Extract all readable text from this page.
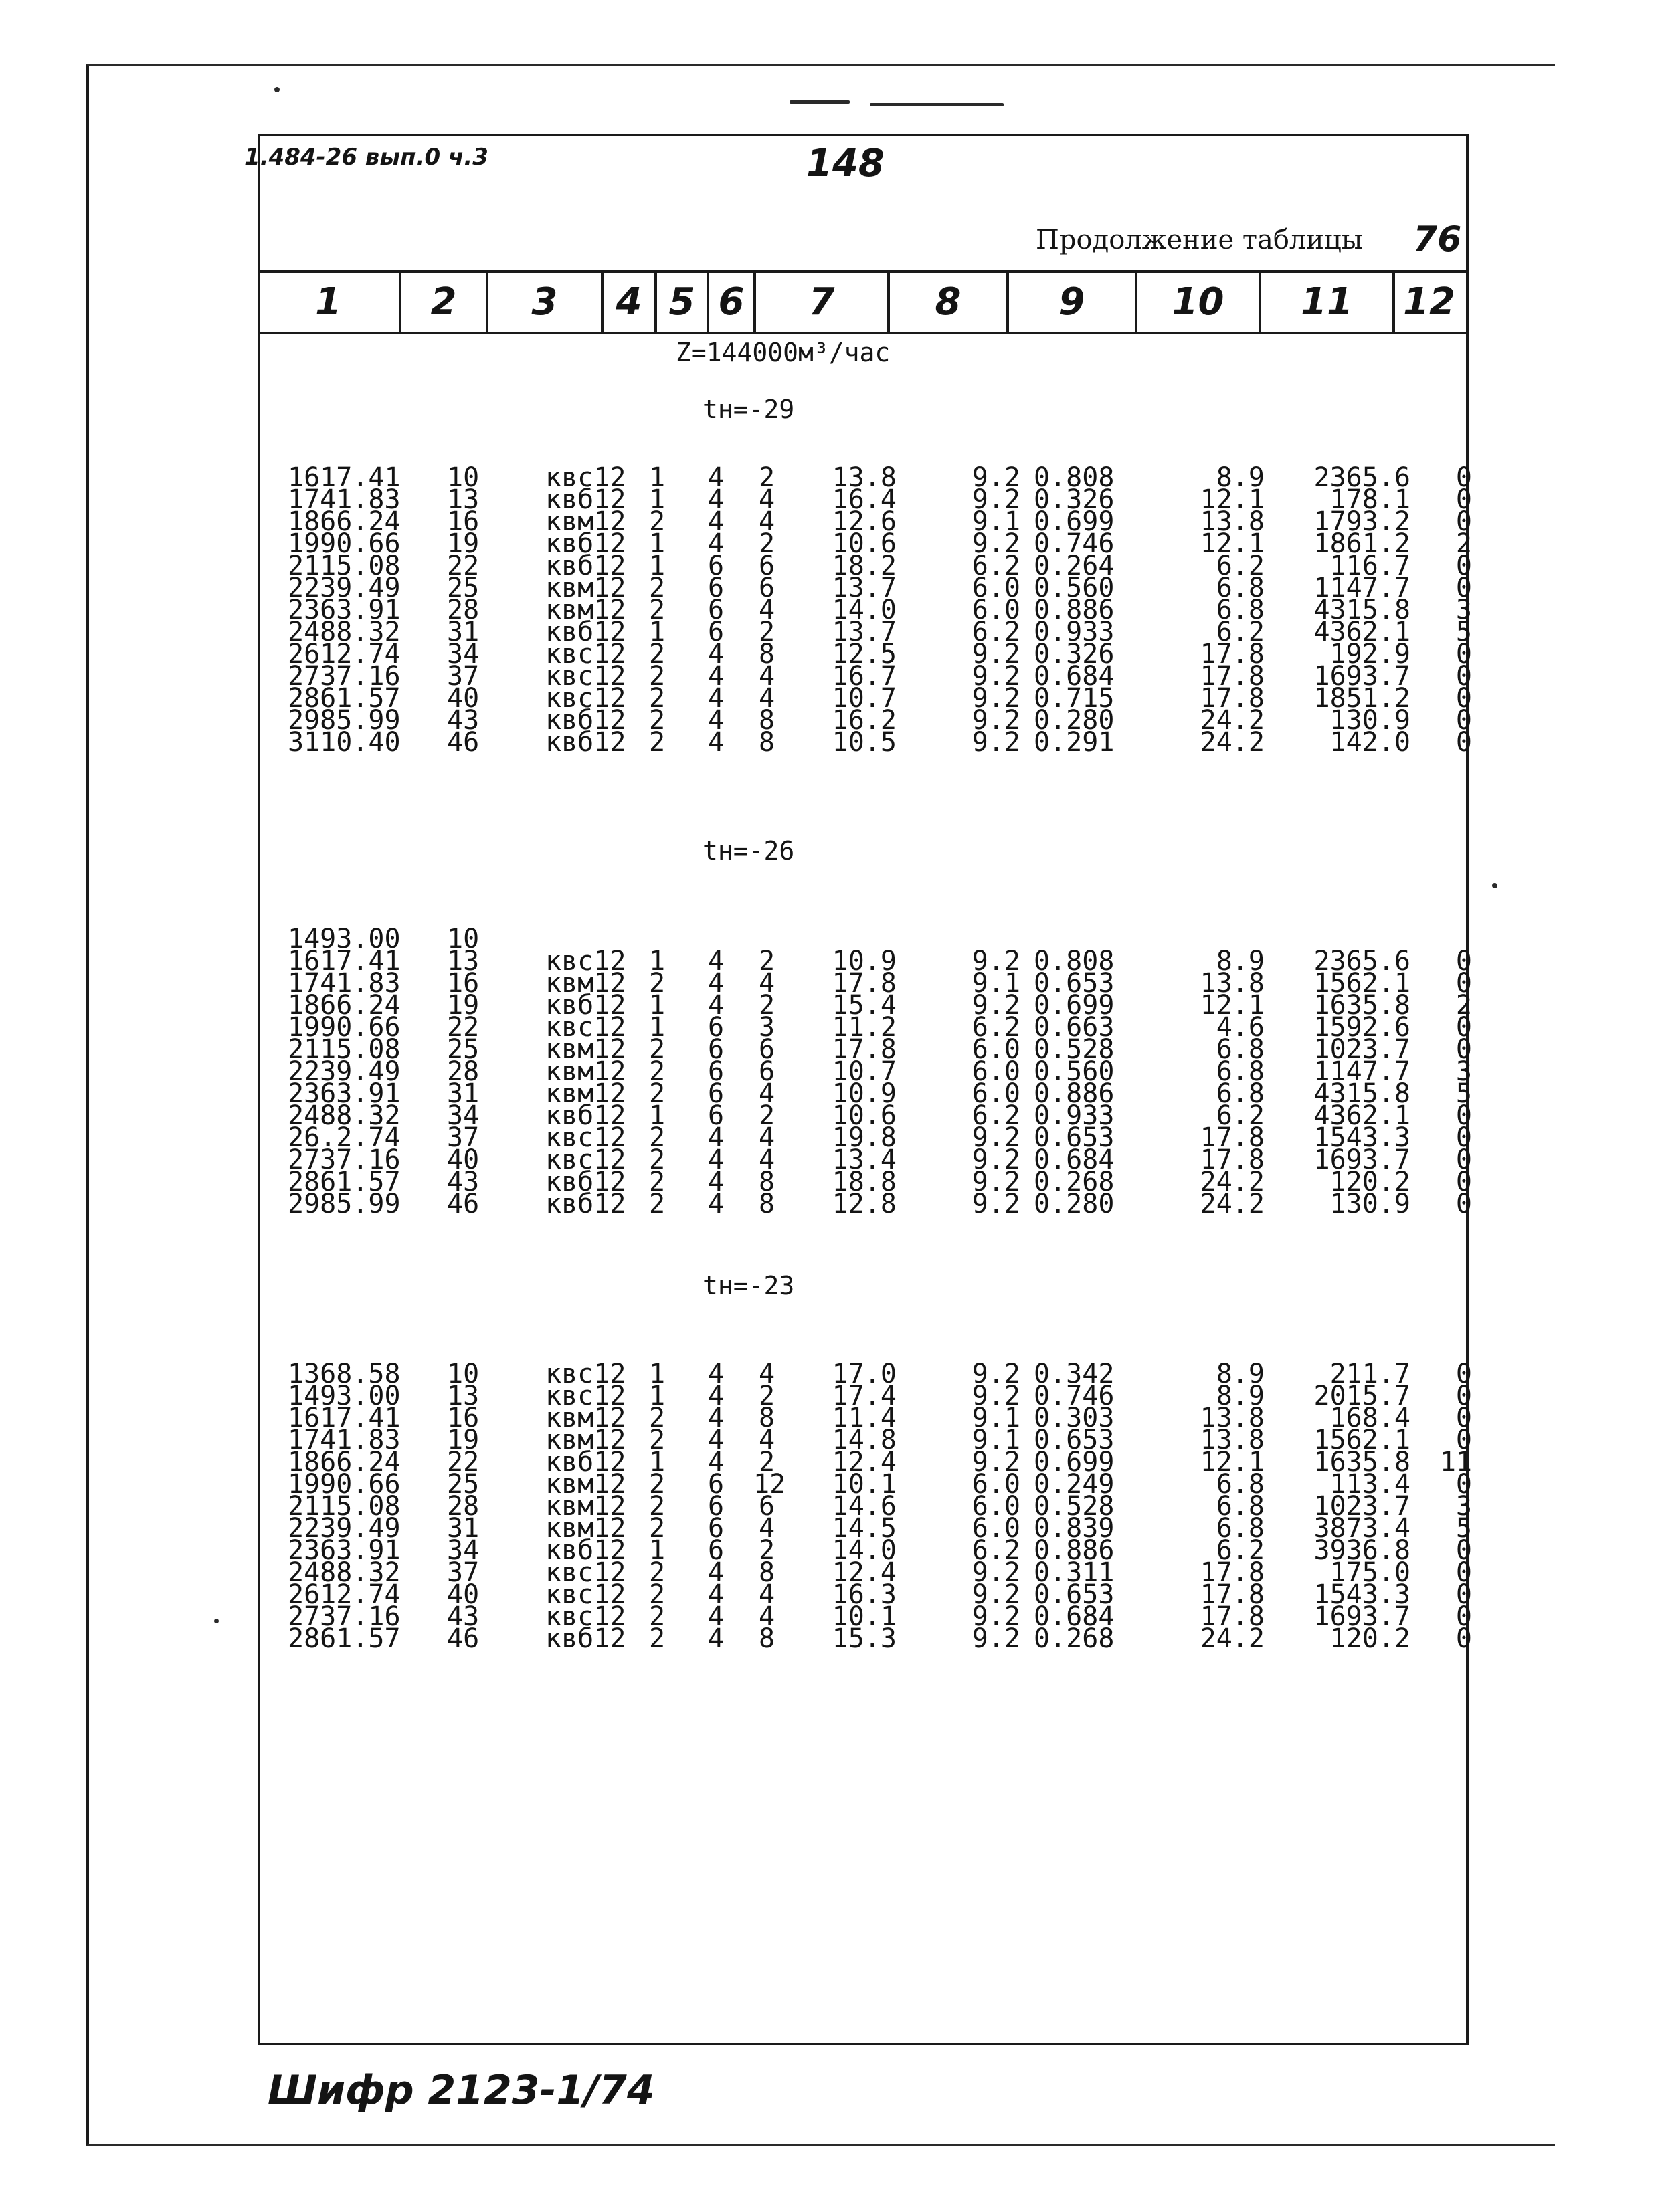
1.484-26 вып.0 ч.3	148
Продолжение таблицы 76
1	2	3	4 5 6	7	8	9	10	11	12
Z=144000м³/час
tн=-29
1617.41	10	квс12 1 4 2	13.8	9.2 0.808	8.9	2365.6	0
1741.83	13	квб12 1 4 4	16.4	9.2 0.326	12.1	178.1	0
1866.24	16	квм12 2 4 4	12.6	9.1 0.699	13.8	1793.2	0
1990.66	19	квб12 1 4 2	10.6	9.2 0.746	12.1	1861.2	2
2115.08	22	квб12 1 6 6	18.2	6.2 0.264	6.2	116.7	0
2239.49	25	квм12 2 6 6	13.7	6.0 0.560	6.8	1147.7	0
2363.91	28	квм12 2 6 4	14.0	6.0 0.886	6.8	4315.8	3
2488.32	31	квб12 1 6 2	13.7	6.2 0.933	6.2	4362.1	5
2612.74	34	квс12 2 4 8	12.5	9.2 0.326	17.8	192.9	0
2737.16	37	квс12 2 4 4	16.7	9.2 0.684	17.8	1693.7	0
2861.57	40	квс12 2 4 4	10.7	9.2 0.715	17.8	1851.2	0
2985.99	43	квб12 2 4 8	16.2	9.2 0.280	24.2	130.9	0
3110.40	46	квб12 2 4 8	10.5	9.2 0.291	24.2	142.0	0
tн=-26
1493.00	10
1617.41	13	квс12 1 4 2	10.9	9.2 0.808	8.9	2365.6	0
1741.83	16	квм12 2 4 4	17.8	9.1 0.653	13.8	1562.1	0
1866.24	19	квб12 1 4 2	15.4	9.2 0.699	12.1	1635.8	2
1990.66	22	квс12 1 6 3	11.2	6.2 0.663	4.6	1592.6	0
2115.08	25	квм12 2 6 6	17.8	6.0 0.528	6.8	1023.7	0
2239.49	28	квм12 2 6 6	10.7	6.0 0.560	6.8	1147.7	3
2363.91	31	квм12 2 6 4	10.9	6.0 0.886	6.8	4315.8	5
2488.32	34	квб12 1 6 2	10.6	6.2 0.933	6.2	4362.1	0
26.2.74	37	квс12 2 4 4	19.8	9.2 0.653	17.8	1543.3	0
2737.16	40	квс12 2 4 4	13.4	9.2 0.684	17.8	1693.7	0
2861.57	43	квб12 2 4 8	18.8	9.2 0.268	24.2	120.2	0
2985.99	46	квб12 2 4 8	12.8	9.2 0.280	24.2	130.9	0
tн=-23
1368.58	10	квс12 1 4 4	17.0	9.2 0.342	8.9	211.7	0
1493.00	13	квс12 1 4 2	17.4	9.2 0.746	8.9	2015.7	0
1617.41	16	квм12 2 4 8	11.4	9.1 0.303	13.8	168.4	0
1741.83	19	квм12 2 4 4	14.8	9.1 0.653	13.8	1562.1	0
1866.24	22	квб12 1 4 2	12.4	9.2 0.699	12.1	1635.8 11
1990.66	25	квм12 2 6 12	10.1	6.0 0.249	6.8	113.4	0
2115.08	28	квм12 2 6 6	14.6	6.0 0.528	6.8	1023.7	3
2239.49	31	квм12 2 6 4	14.5	6.0 0.839	6.8	3873.4	5
2363.91	34	квб12 1 6 2	14.0	6.2 0.886	6.2	3936.8	0
2488.32	37	квс12 2 4 8	12.4	9.2 0.311	17.8	175.0	0
2612.74	40	квс12 2 4 4	16.3	9.2 0.653	17.8	1543.3	0
2737.16	43	квс12 2 4 4	10.1	9.2 0.684	17.8	1693.7	0
2861.57	46	квб12 2 4 8	15.3	9.2 0.268	24.2	120.2	0
Шифр 2123-1/74
